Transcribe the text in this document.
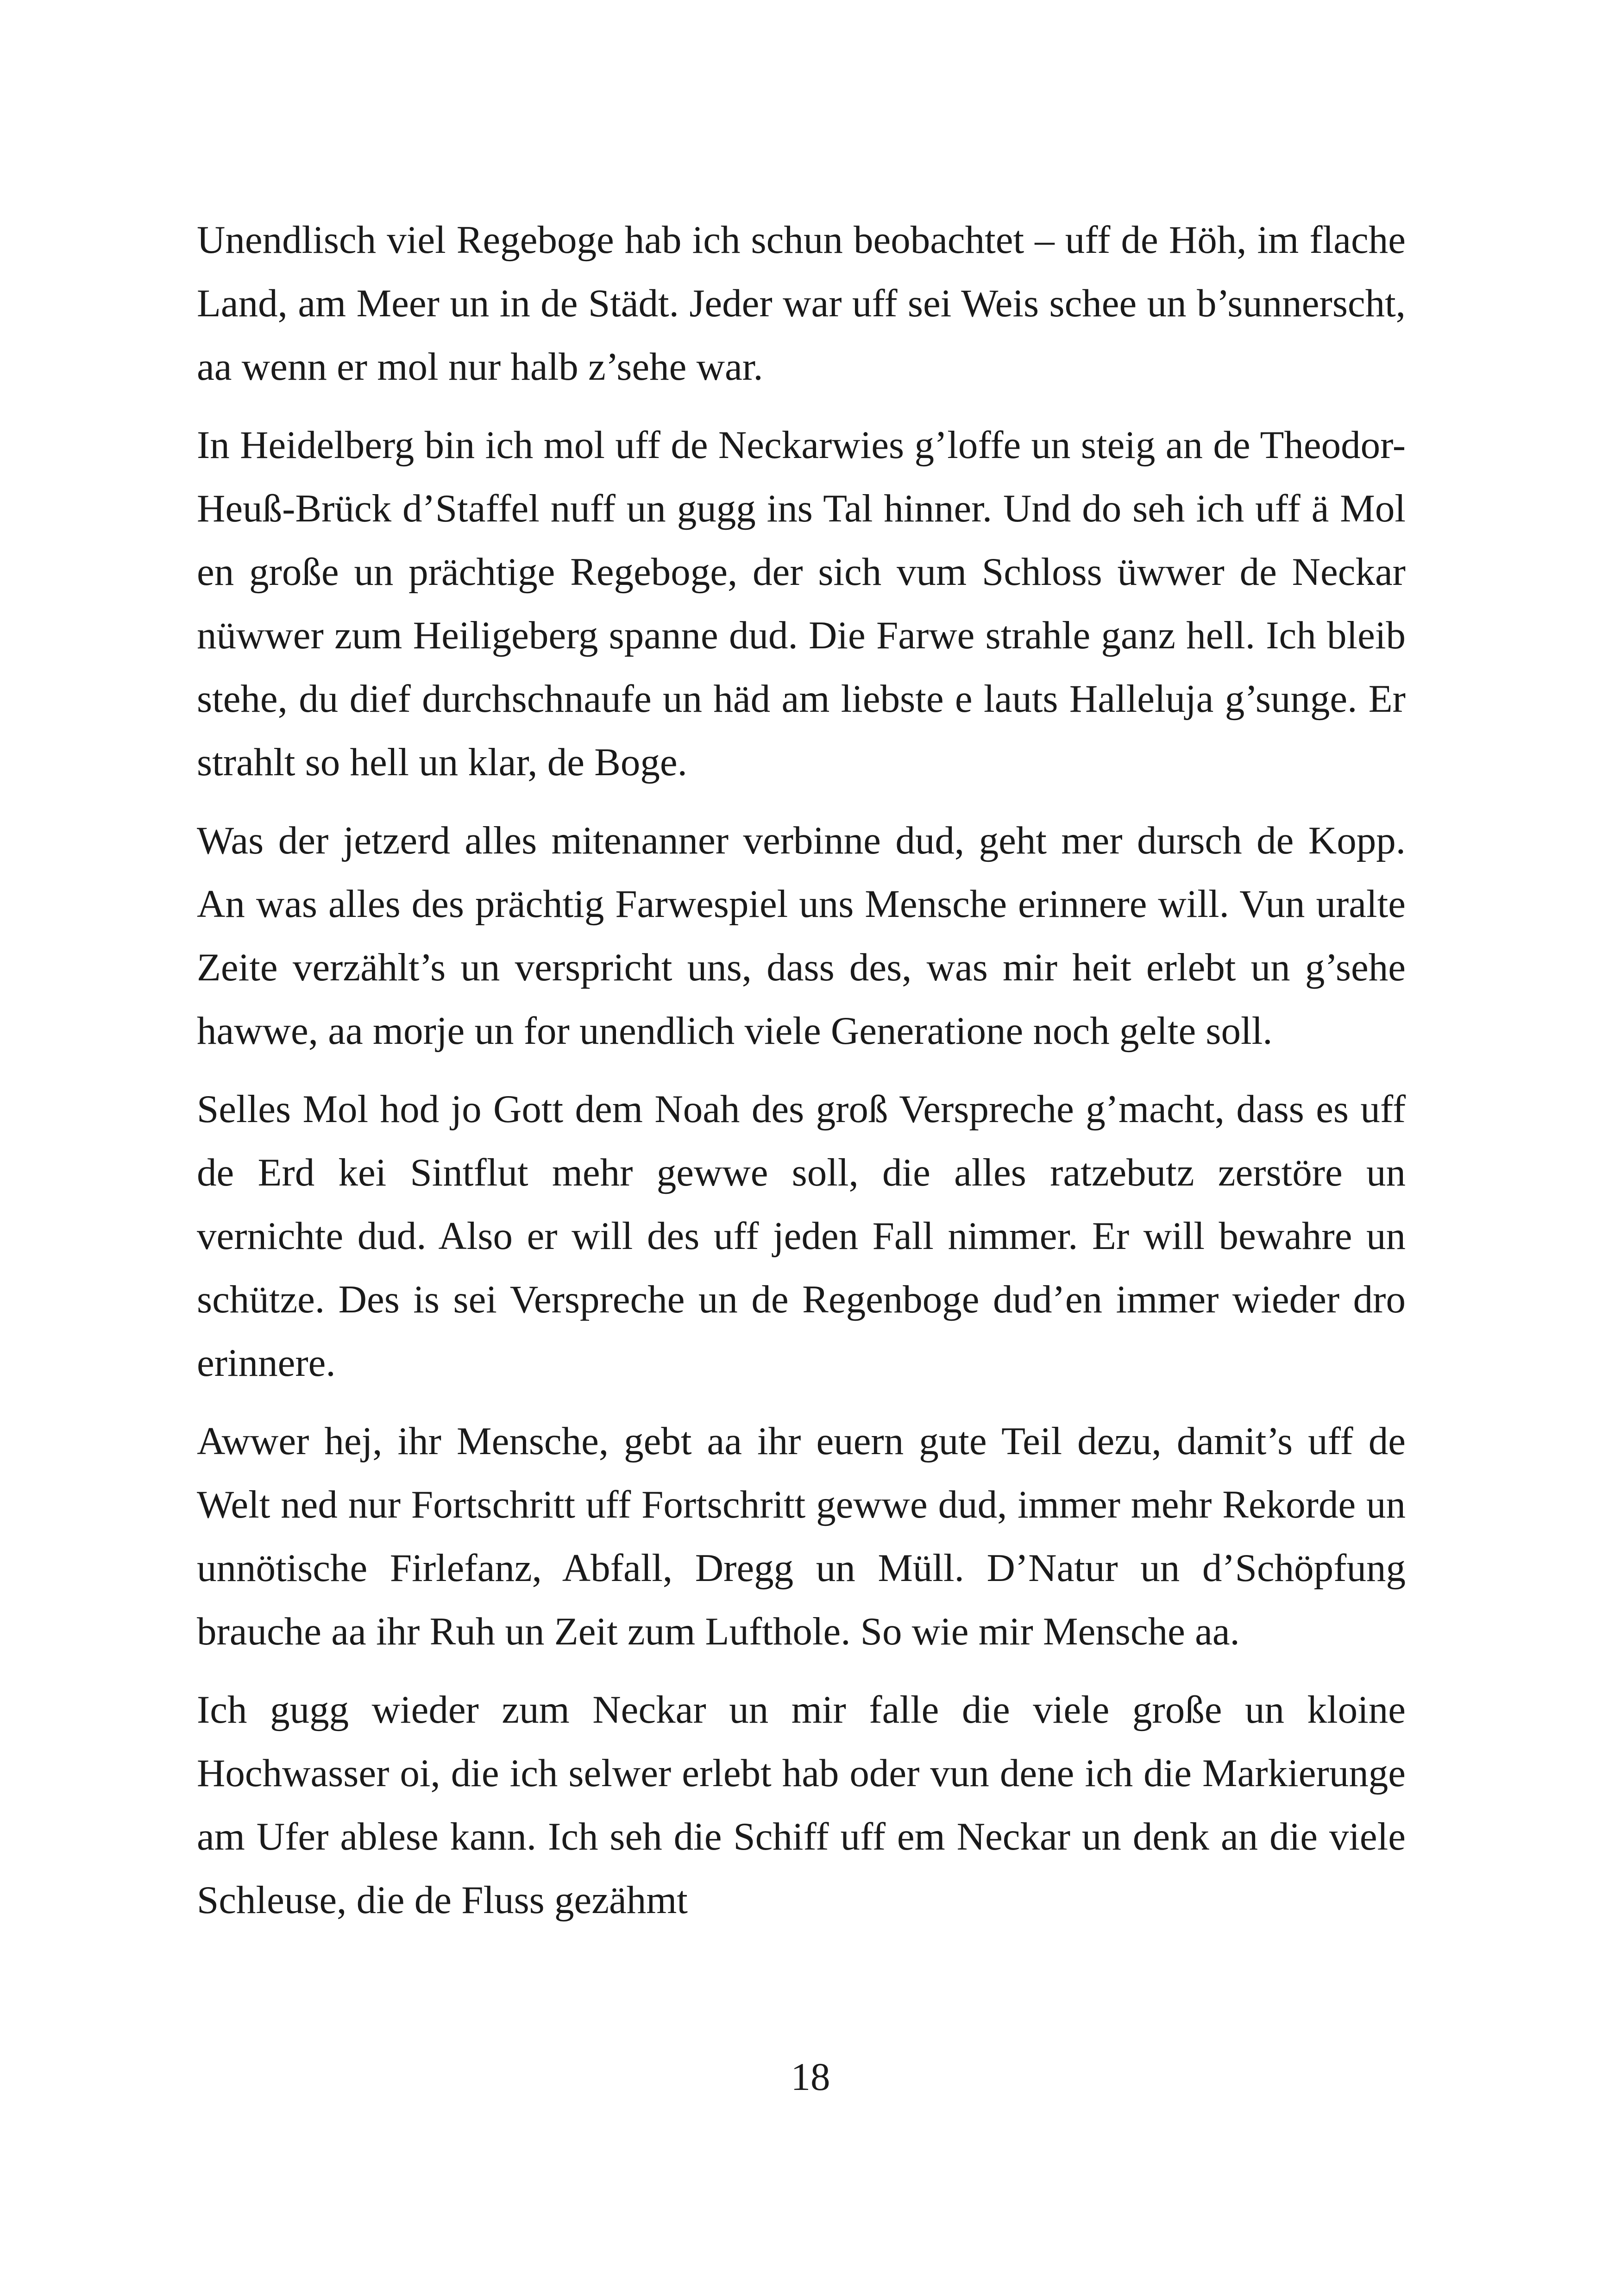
Unendlisch viel Regeboge hab ich schun beobachtet – uff de Höh, im flache Land, am Meer un in de Städt. Jeder war uff sei Weis schee un b’sunnerscht, aa wenn er mol nur halb z’sehe war.

In Heidelberg bin ich mol uff de Neckarwies g’loffe un steig an de Theodor-Heuß-Brück d’Staffel nuff un gugg ins Tal hinner. Und do seh ich uff ä Mol en große un prächtige Regeboge, der sich vum Schloss üwwer de Neckar nüwwer zum Heiligeberg spanne dud. Die Farwe strahle ganz hell. Ich bleib stehe, du dief durchschnaufe un häd am liebste e lauts Halleluja g’sunge. Er strahlt so hell un klar, de Boge.

Was der jetzerd alles mitenanner verbinne dud, geht mer dursch de Kopp. An was alles des prächtig Farwespiel uns Mensche erinnere will. Vun uralte Zeite verzählt’s un verspricht uns, dass des, was mir heit erlebt un g’sehe hawwe, aa morje un for unendlich viele Generatione noch gelte soll.

Selles Mol hod jo Gott dem Noah des groß Verspreche g’macht, dass es uff de Erd kei Sintflut mehr gewwe soll, die alles ratzebutz zerstöre un vernichte dud. Also er will des uff jeden Fall nimmer. Er will bewahre un schütze. Des is sei Verspreche un de Regenboge dud’en immer wieder dro erinnere.

Awwer hej, ihr Mensche, gebt aa ihr euern gute Teil dezu, damit’s uff de Welt ned nur Fortschritt uff Fortschritt gewwe dud, immer mehr Rekorde un unnötische Firlefanz, Abfall, Dregg un Müll. D’Natur un d’Schöpfung brauche aa ihr Ruh un Zeit zum Lufthole. So wie mir Mensche aa.

Ich gugg wieder zum Neckar un mir falle die viele große un kloine Hochwasser oi, die ich selwer erlebt hab oder vun dene ich die Markierunge am Ufer ablese kann. Ich seh die Schiff uff em Neckar un denk an die viele Schleuse, die de Fluss gezähmt

18
